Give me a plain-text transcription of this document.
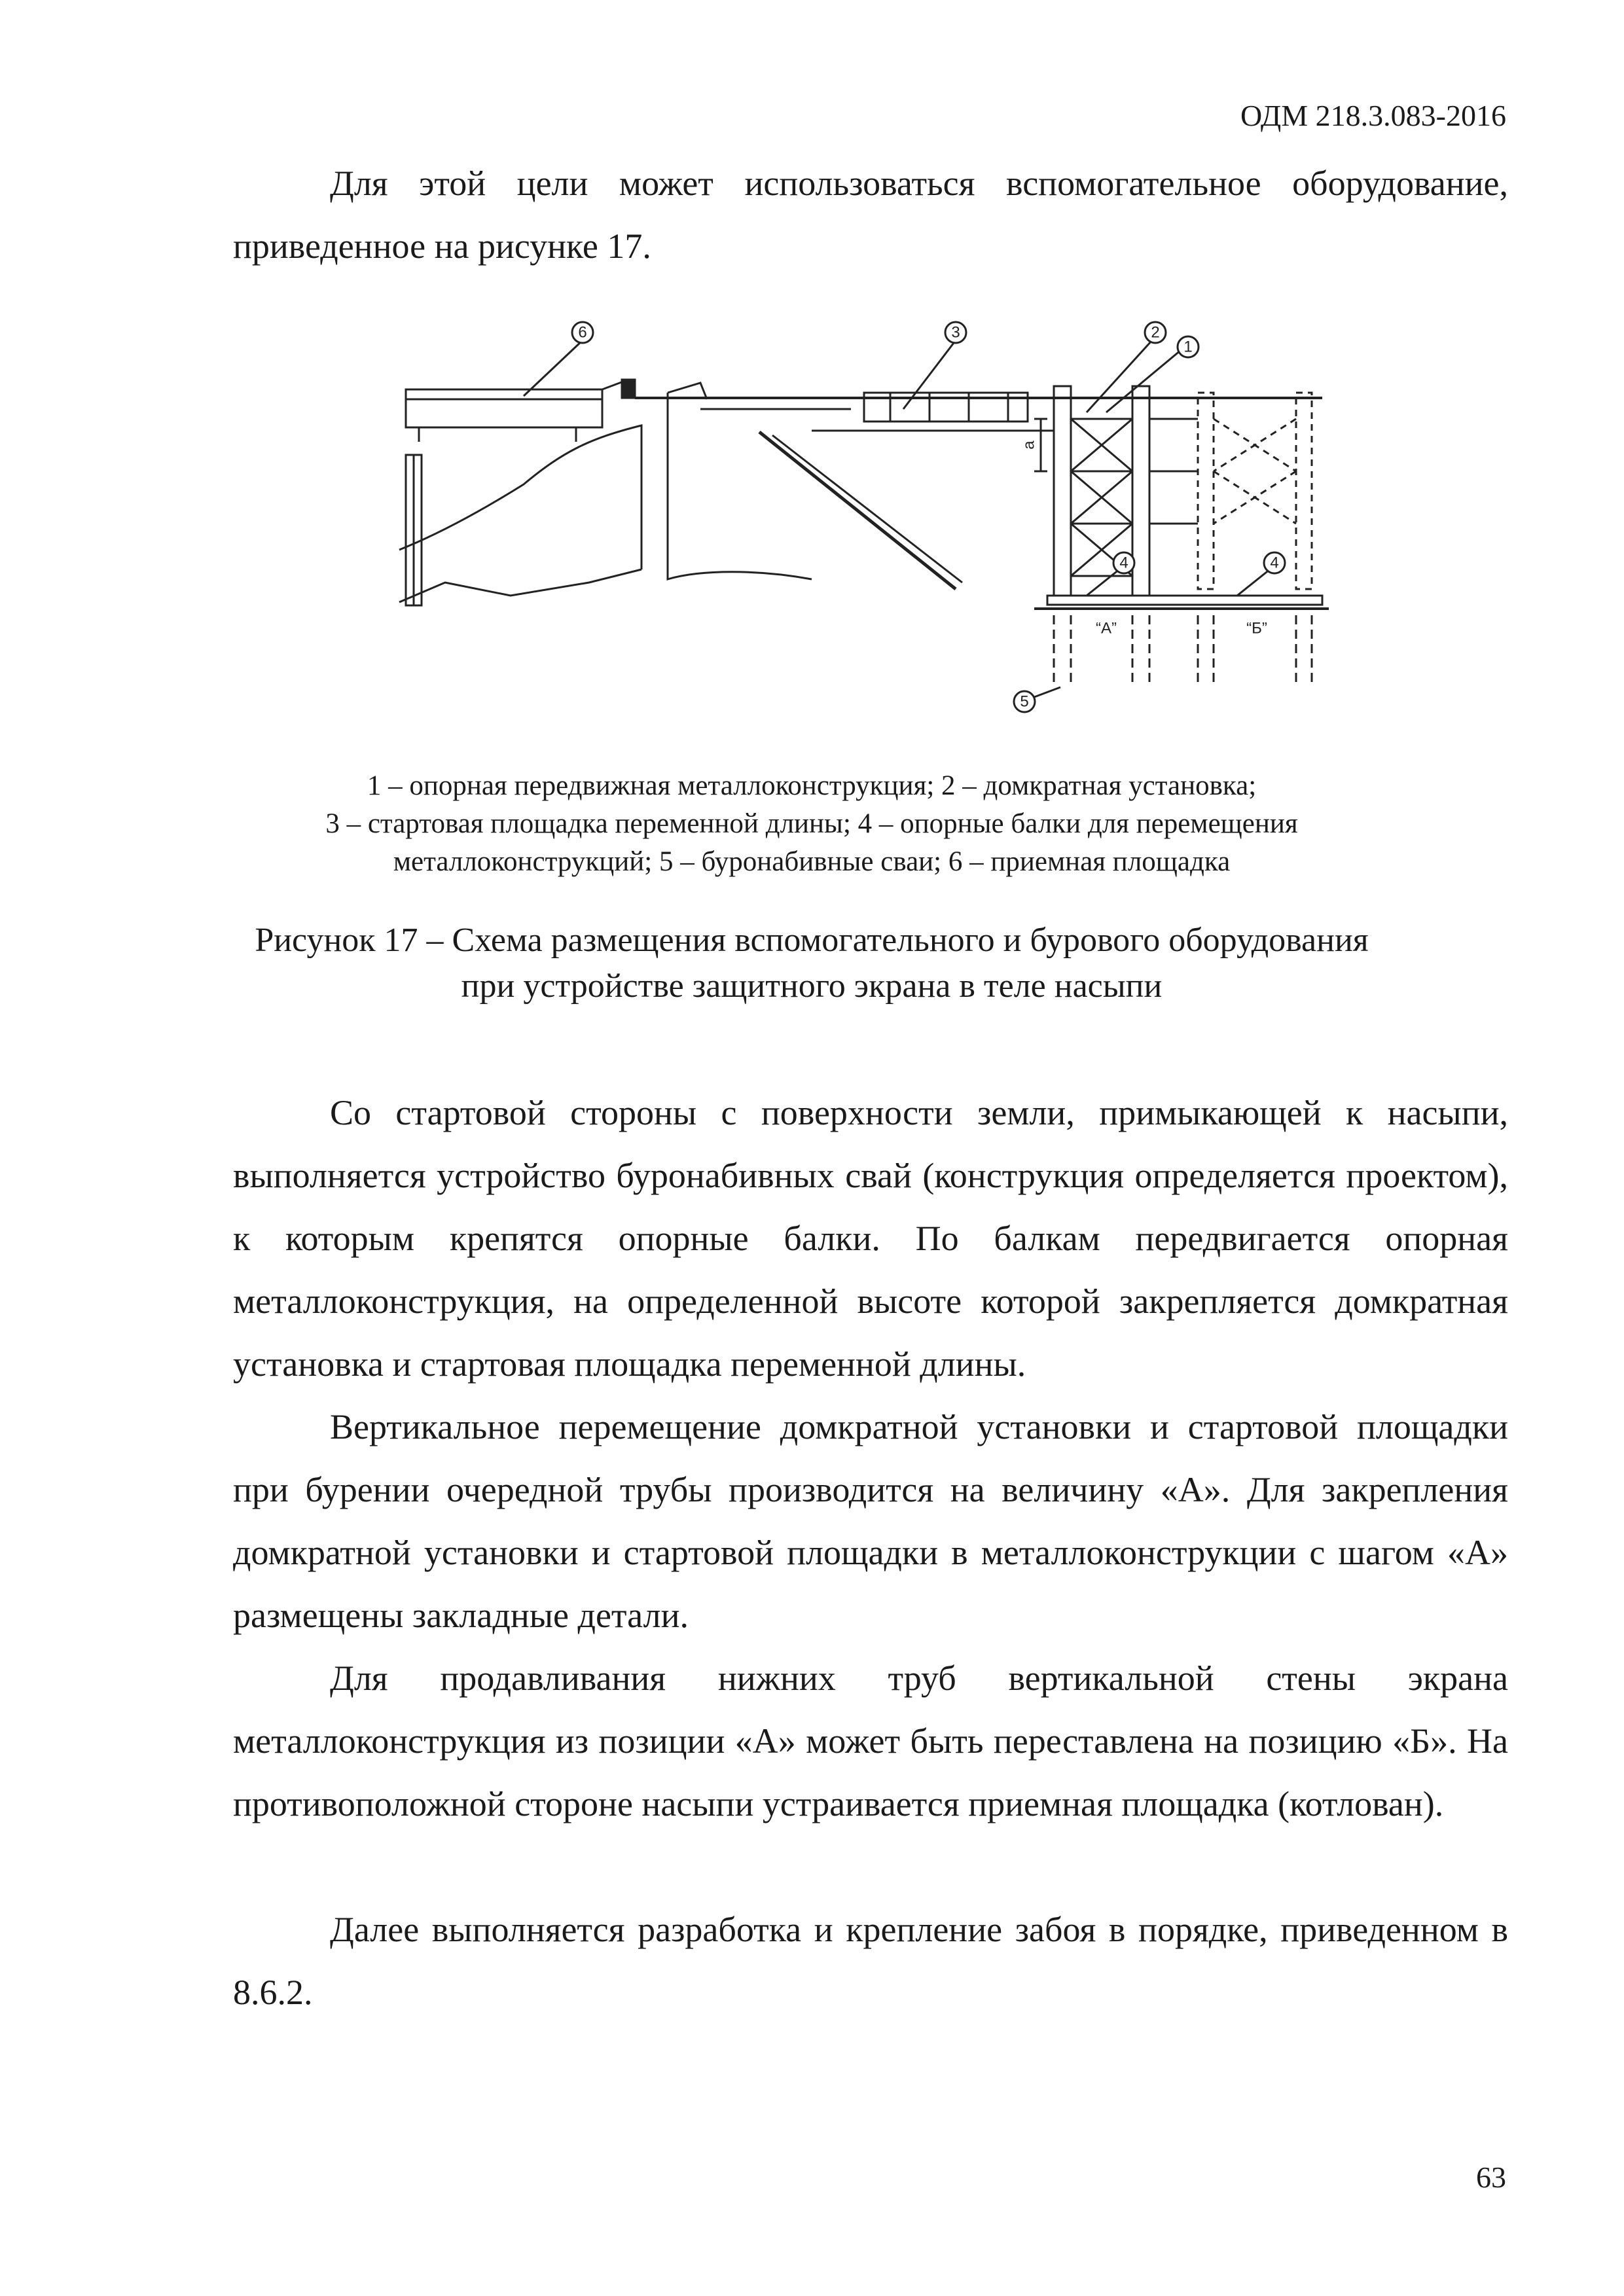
ОДМ 218.3.083-2016

Для этой цели может использоваться вспомогательное оборудование, приведенное на рисунке 17.

6	3	2
1
4	4
5
а
“А”	“Б”
1 – опорная передвижная металлоконструкция; 2 – домкратная установка;
3 – стартовая площадка переменной длины; 4 – опорные балки для перемещения
металлоконструкций; 5 – буронабивные сваи; 6 – приемная площадка
Рисунок 17 – Схема размещения вспомогательного и бурового оборудования
при устройстве защитного экрана в теле насыпи

Со стартовой стороны с поверхности земли, примыкающей к насыпи, выполняется устройство буронабивных свай (конструкция определяется проектом), к которым крепятся опорные балки. По балкам передвигается опорная металлоконструкция, на определенной высоте которой закрепляется домкратная установка и стартовая площадка переменной длины.

Вертикальное перемещение домкратной установки и стартовой площадки при бурении очередной трубы производится на величину «А». Для закрепления домкратной установки и стартовой площадки в металлоконструкции с шагом «А» размещены закладные детали.

Для продавливания нижних труб вертикальной стены экрана металлоконструкция из позиции «А» может быть переставлена на позицию «Б». На противоположной стороне насыпи устраивается приемная площадка (котлован).

Далее выполняется разработка и крепление забоя в порядке, приведенном в 8.6.2.

63
